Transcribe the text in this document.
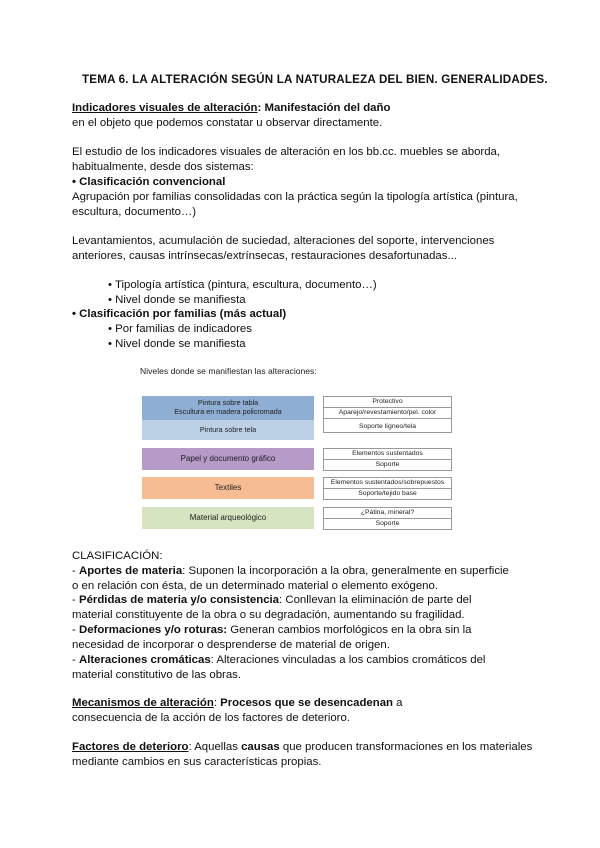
TEMA 6. LA ALTERACIÓN SEGÚN LA NATURALEZA DEL BIEN. GENERALIDADES.
Indicadores visuales de alteración: Manifestación del daño
en el objeto que podemos constatar u observar directamente.
El estudio de los indicadores visuales de alteración en los bb.cc. muebles se aborda,
habitualmente, desde dos sistemas:
• Clasificación convencional
Agrupación por familias consolidadas con la práctica según la tipología artística (pintura,
escultura, documento…)
Levantamientos, acumulación de suciedad, alteraciones del soporte, intervenciones
anteriores, causas intrínsecas/extrínsecas, restauraciones desafortunadas...
• Tipología artística (pintura, escultura, documento…)
• Nivel donde se manifiesta
• Clasificación por familias (más actual)
• Por familias de indicadores
• Nivel donde se manifiesta
Niveles donde se manifiestan las alteraciones:
Pintura sobre tabla
Escultura en madera policromada
Pintura sobre tela
Papel y documento gráfico
Textiles
Material arqueológico
Protectivo
Aparejo/revestamiento/pel. color
Soporte lígneo/tela
Elementos sustentados
Soporte
Elementos sustentados/sobrepuestos
Soporte/tejido base
¿Pátina, mineral?
Soporte
CLASIFICACIÓN:
- Aportes de materia: Suponen la incorporación a la obra, generalmente en superficie
o en relación con ésta, de un determinado material o elemento exógeno.
- Pérdidas de materia y/o consistencia: Conllevan la eliminación de parte del
material constituyente de la obra o su degradación, aumentando su fragilidad.
- Deformaciones y/o roturas: Generan cambios morfológicos en la obra sin la
necesidad de incorporar o desprenderse de material de origen.
- Alteraciones cromáticas: Alteraciones vinculadas a los cambios cromáticos del
material constitutivo de las obras.
Mecanismos de alteración: Procesos que se desencadenan a
consecuencia de la acción de los factores de deterioro.
Factores de deterioro: Aquellas causas que producen transformaciones en los materiales
mediante cambios en sus características propias.
